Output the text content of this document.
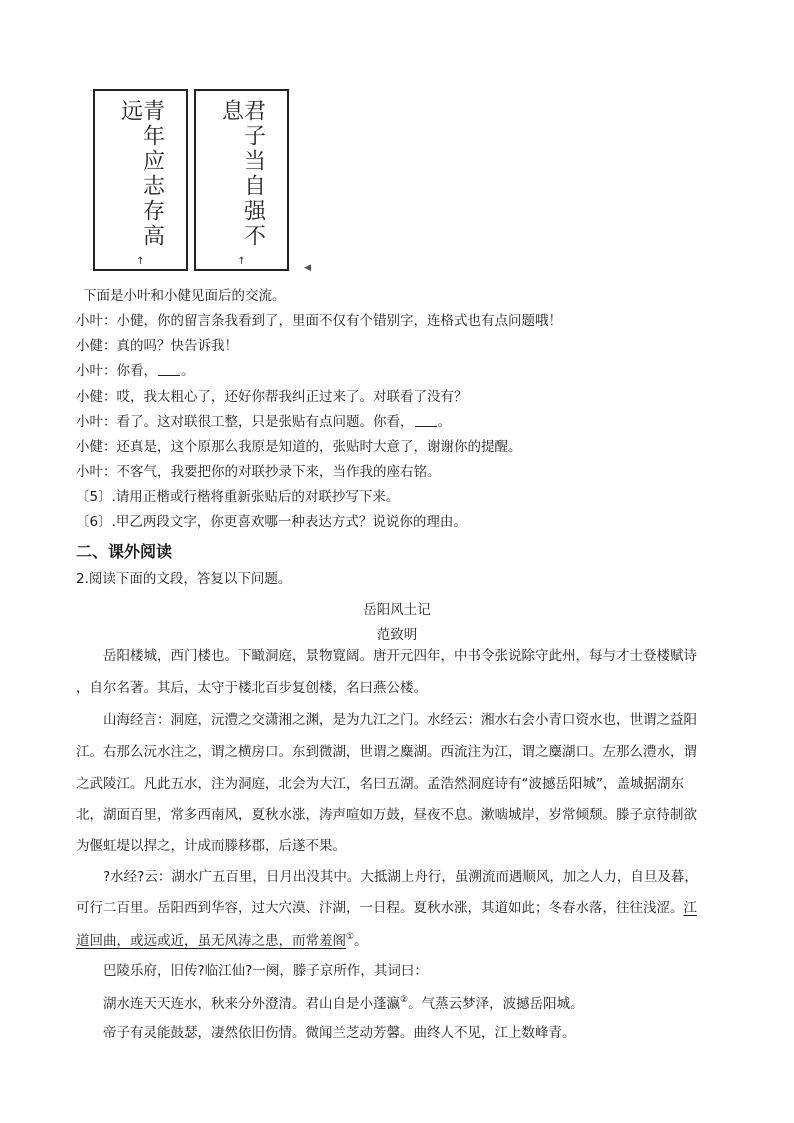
青年应志存高远
↑
君子当自强不息
↑
◀
下面是小叶和小健见面后的交流。
小叶：小健，你的留言条我看到了，里面不仅有个错别字，连格式也有点问题哦！
小健：真的吗？快告诉我！
小叶：你看， 。
小健：哎，我太粗心了，还好你帮我纠正过来了。对联看了没有？
小叶：看了。这对联很工整，只是张贴有点问题。你看， 。
小健：还真是，这个原那么我原是知道的，张贴时大意了，谢谢你的提醒。
小叶：不客气，我要把你的对联抄录下来，当作我的座右铭。
〔5〕.请用正楷或行楷将重新张贴后的对联抄写下来。
〔6〕.甲乙两段文字，你更喜欢哪一种表达方式？说说你的理由。
二、课外阅读
2.阅读下面的文段，答复以下问题。
岳阳风土记
范致明
岳阳楼城，西门楼也。下瞰洞庭，景物寛阔。唐开元四年，中书令张说除守此州，每与才士登楼赋诗
，自尔名著。其后，太守于楼北百步复创楼，名曰燕公楼。
山海经言：洞庭，沅澧之交潇湘之渊，是为九江之门。水经云：湘水右会小青口资水也，世谓之益阳
江。右那么沅水注之，谓之横房口。东到微湖，世谓之麋湖。西流注为江，谓之麋湖口。左那么澧水，谓
之武陵江。凡此五水，注为洞庭，北会为大江，名曰五湖。孟浩然洞庭诗有“波撼岳阳城”，盖城据湖东
北，湖面百里，常多西南风，夏秋水涨，涛声喧如万鼓，昼夜不息。漱啮城岸，岁常倾颓。滕子京待制欲
为偃虹堤以捍之，计成而滕移郡，后遂不果。
?水经?云：湖水广五百里，日月出没其中。大抵湖上舟行，虽溯流而遇顺风，加之人力，自旦及暮，
可行二百里。岳阳西到华容，过大穴漠、汴湖，一日程。夏秋水涨，其道如此；冬春水落，往往浅涩。江
道回曲，或远或近，虽无风涛之患，而常羞阁①。
巴陵乐府，旧传?临江仙?一阕，滕子京所作，其词曰：
湖水连天天连水，秋来分外澄清。君山自是小蓬瀛②。气蒸云梦泽，波撼岳阳城。
帝子有灵能鼓瑟，凄然依旧伤情。微闻兰芝动芳馨。曲终人不见，江上数峰青。
